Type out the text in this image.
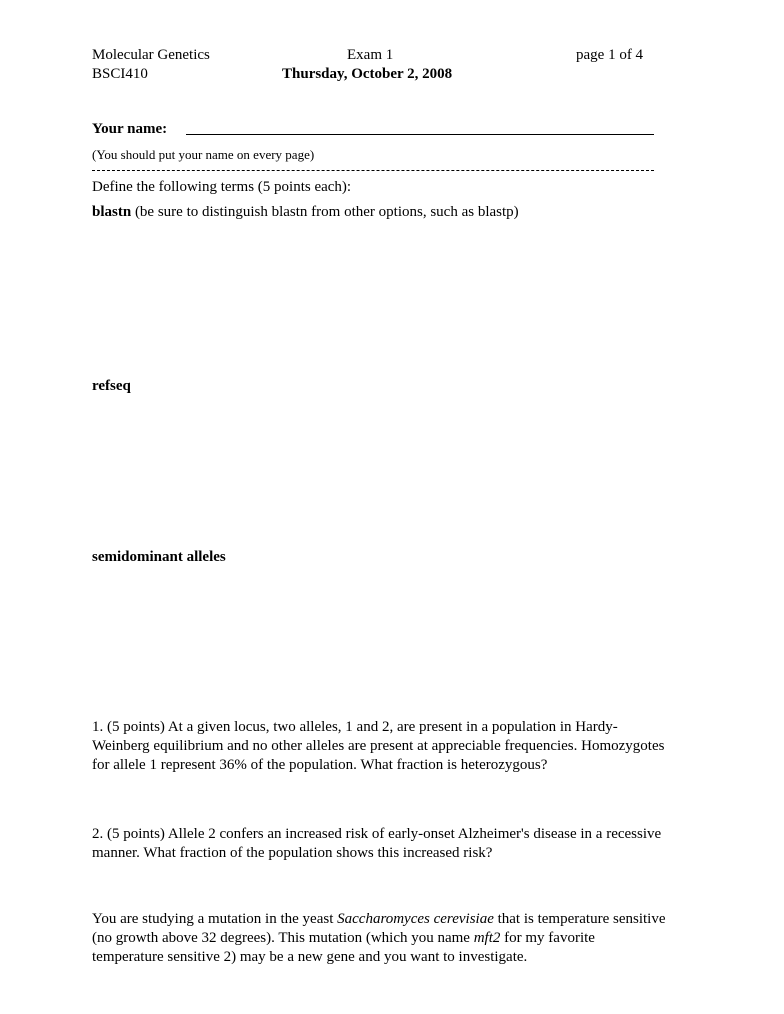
Molecular Genetics
BSCI410
Exam 1
Thursday, October 2, 2008
page 1 of 4
Your name:
(You should put your name on every page)
Define the following terms (5 points each):
blastn (be sure to distinguish blastn from other options, such as blastp)
refseq
semidominant alleles
1. (5 points) At a given locus, two alleles, 1 and 2, are present in a population in Hardy-
Weinberg equilibrium and no other alleles are present at appreciable frequencies. Homozygotes
for allele 1 represent 36% of the population. What fraction is heterozygous?
2. (5 points) Allele 2 confers an increased risk of early-onset Alzheimer's disease in a recessive
manner. What fraction of the population shows this increased risk?
You are studying a mutation in the yeast Saccharomyces cerevisiae that is temperature sensitive
(no growth above 32 degrees). This mutation (which you name mft2 for my favorite
temperature sensitive 2) may be a new gene and you want to investigate.
